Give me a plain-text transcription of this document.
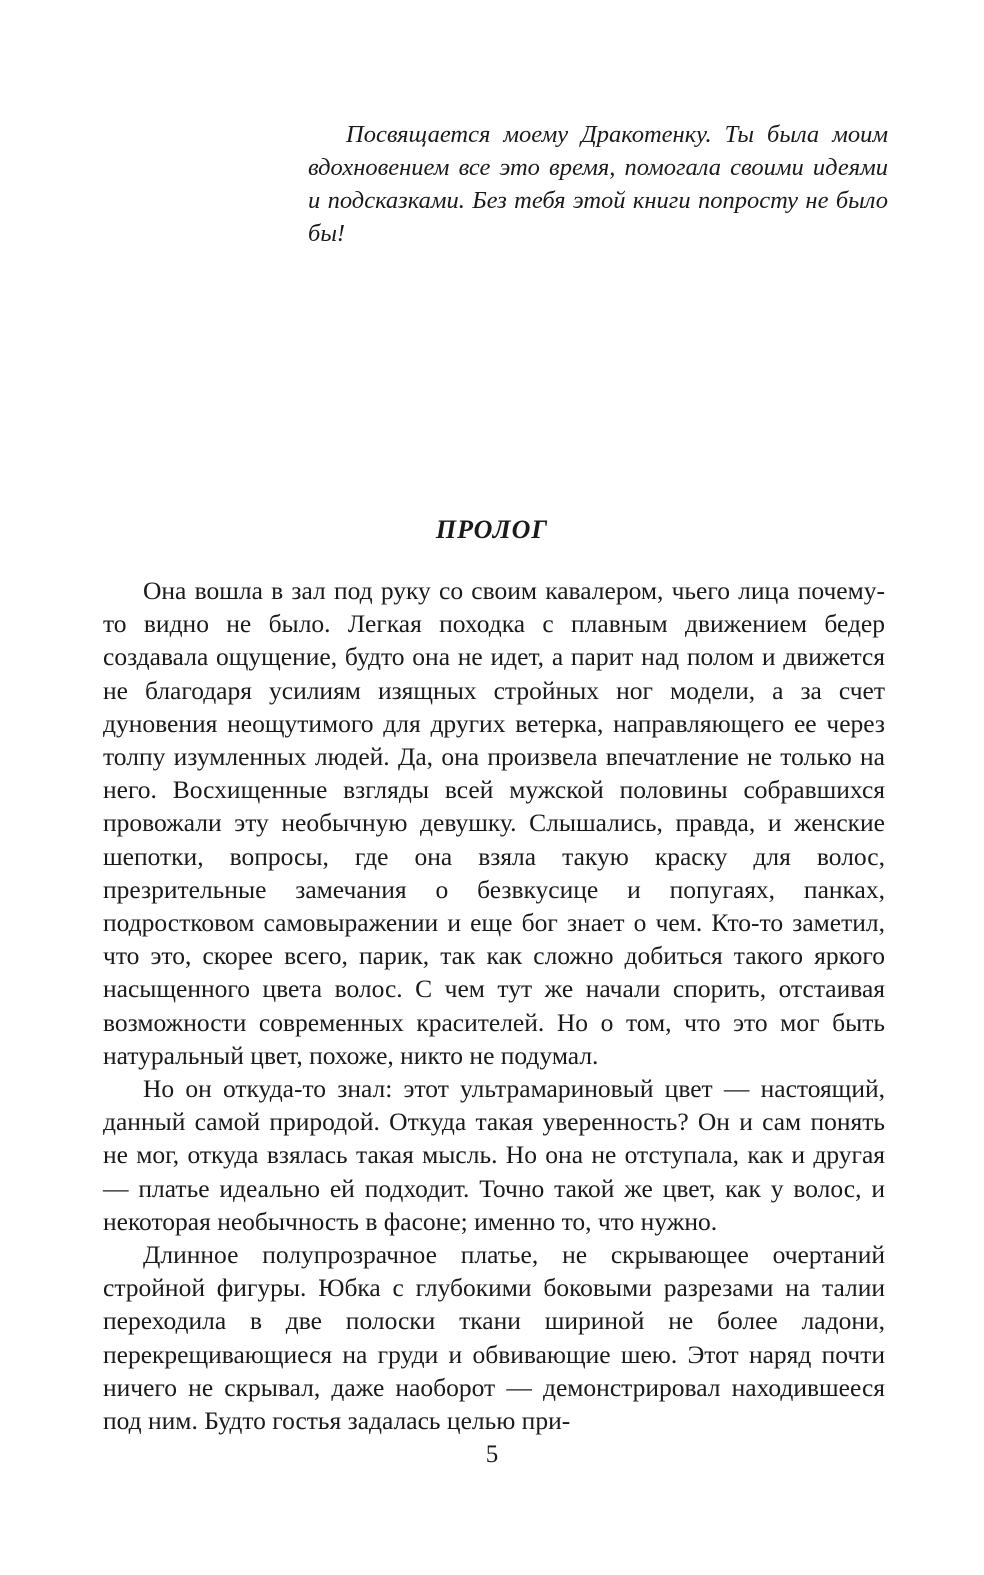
Посвящается моему Дракотенку. Ты была моим вдохновением все это время, помогала своими идеями и подсказками. Без тебя этой книги попросту не было бы!

ПРОЛОГ

Она вошла в зал под руку со своим кавалером, чьего лица почему-то видно не было. Легкая походка с плавным движением бедер создавала ощущение, будто она не идет, а парит над полом и движется не благодаря усилиям изящных стройных ног модели, а за счет дуновения неощутимого для других ветерка, направляющего ее через толпу изумленных людей. Да, она произвела впечатление не только на него. Восхищенные взгляды всей мужской половины собравшихся провожали эту необычную девушку. Слышались, правда, и женские шепотки, вопросы, где она взяла такую краску для волос, презрительные замечания о безвкусице и попугаях, панках, подростковом самовыражении и еще бог знает о чем. Кто-то заметил, что это, скорее всего, парик, так как сложно добиться такого яркого насыщенного цвета волос. С чем тут же начали спорить, отстаивая возможности современных красителей. Но о том, что это мог быть натуральный цвет, похоже, никто не подумал.

Но он откуда-то знал: этот ультрамариновый цвет — настоящий, данный самой природой. Откуда такая уверенность? Он и сам понять не мог, откуда взялась такая мысль. Но она не отступала, как и другая — платье идеально ей подходит. Точно такой же цвет, как у волос, и некоторая необычность в фасоне; именно то, что нужно.

Длинное полупрозрачное платье, не скрывающее очертаний стройной фигуры. Юбка с глубокими боковыми разрезами на талии переходила в две полоски ткани шириной не более ладони, перекрещивающиеся на груди и обвивающие шею. Этот наряд почти ничего не скрывал, даже наоборот — демонстрировал находившееся под ним. Будто гостья задалась целью при-

5
